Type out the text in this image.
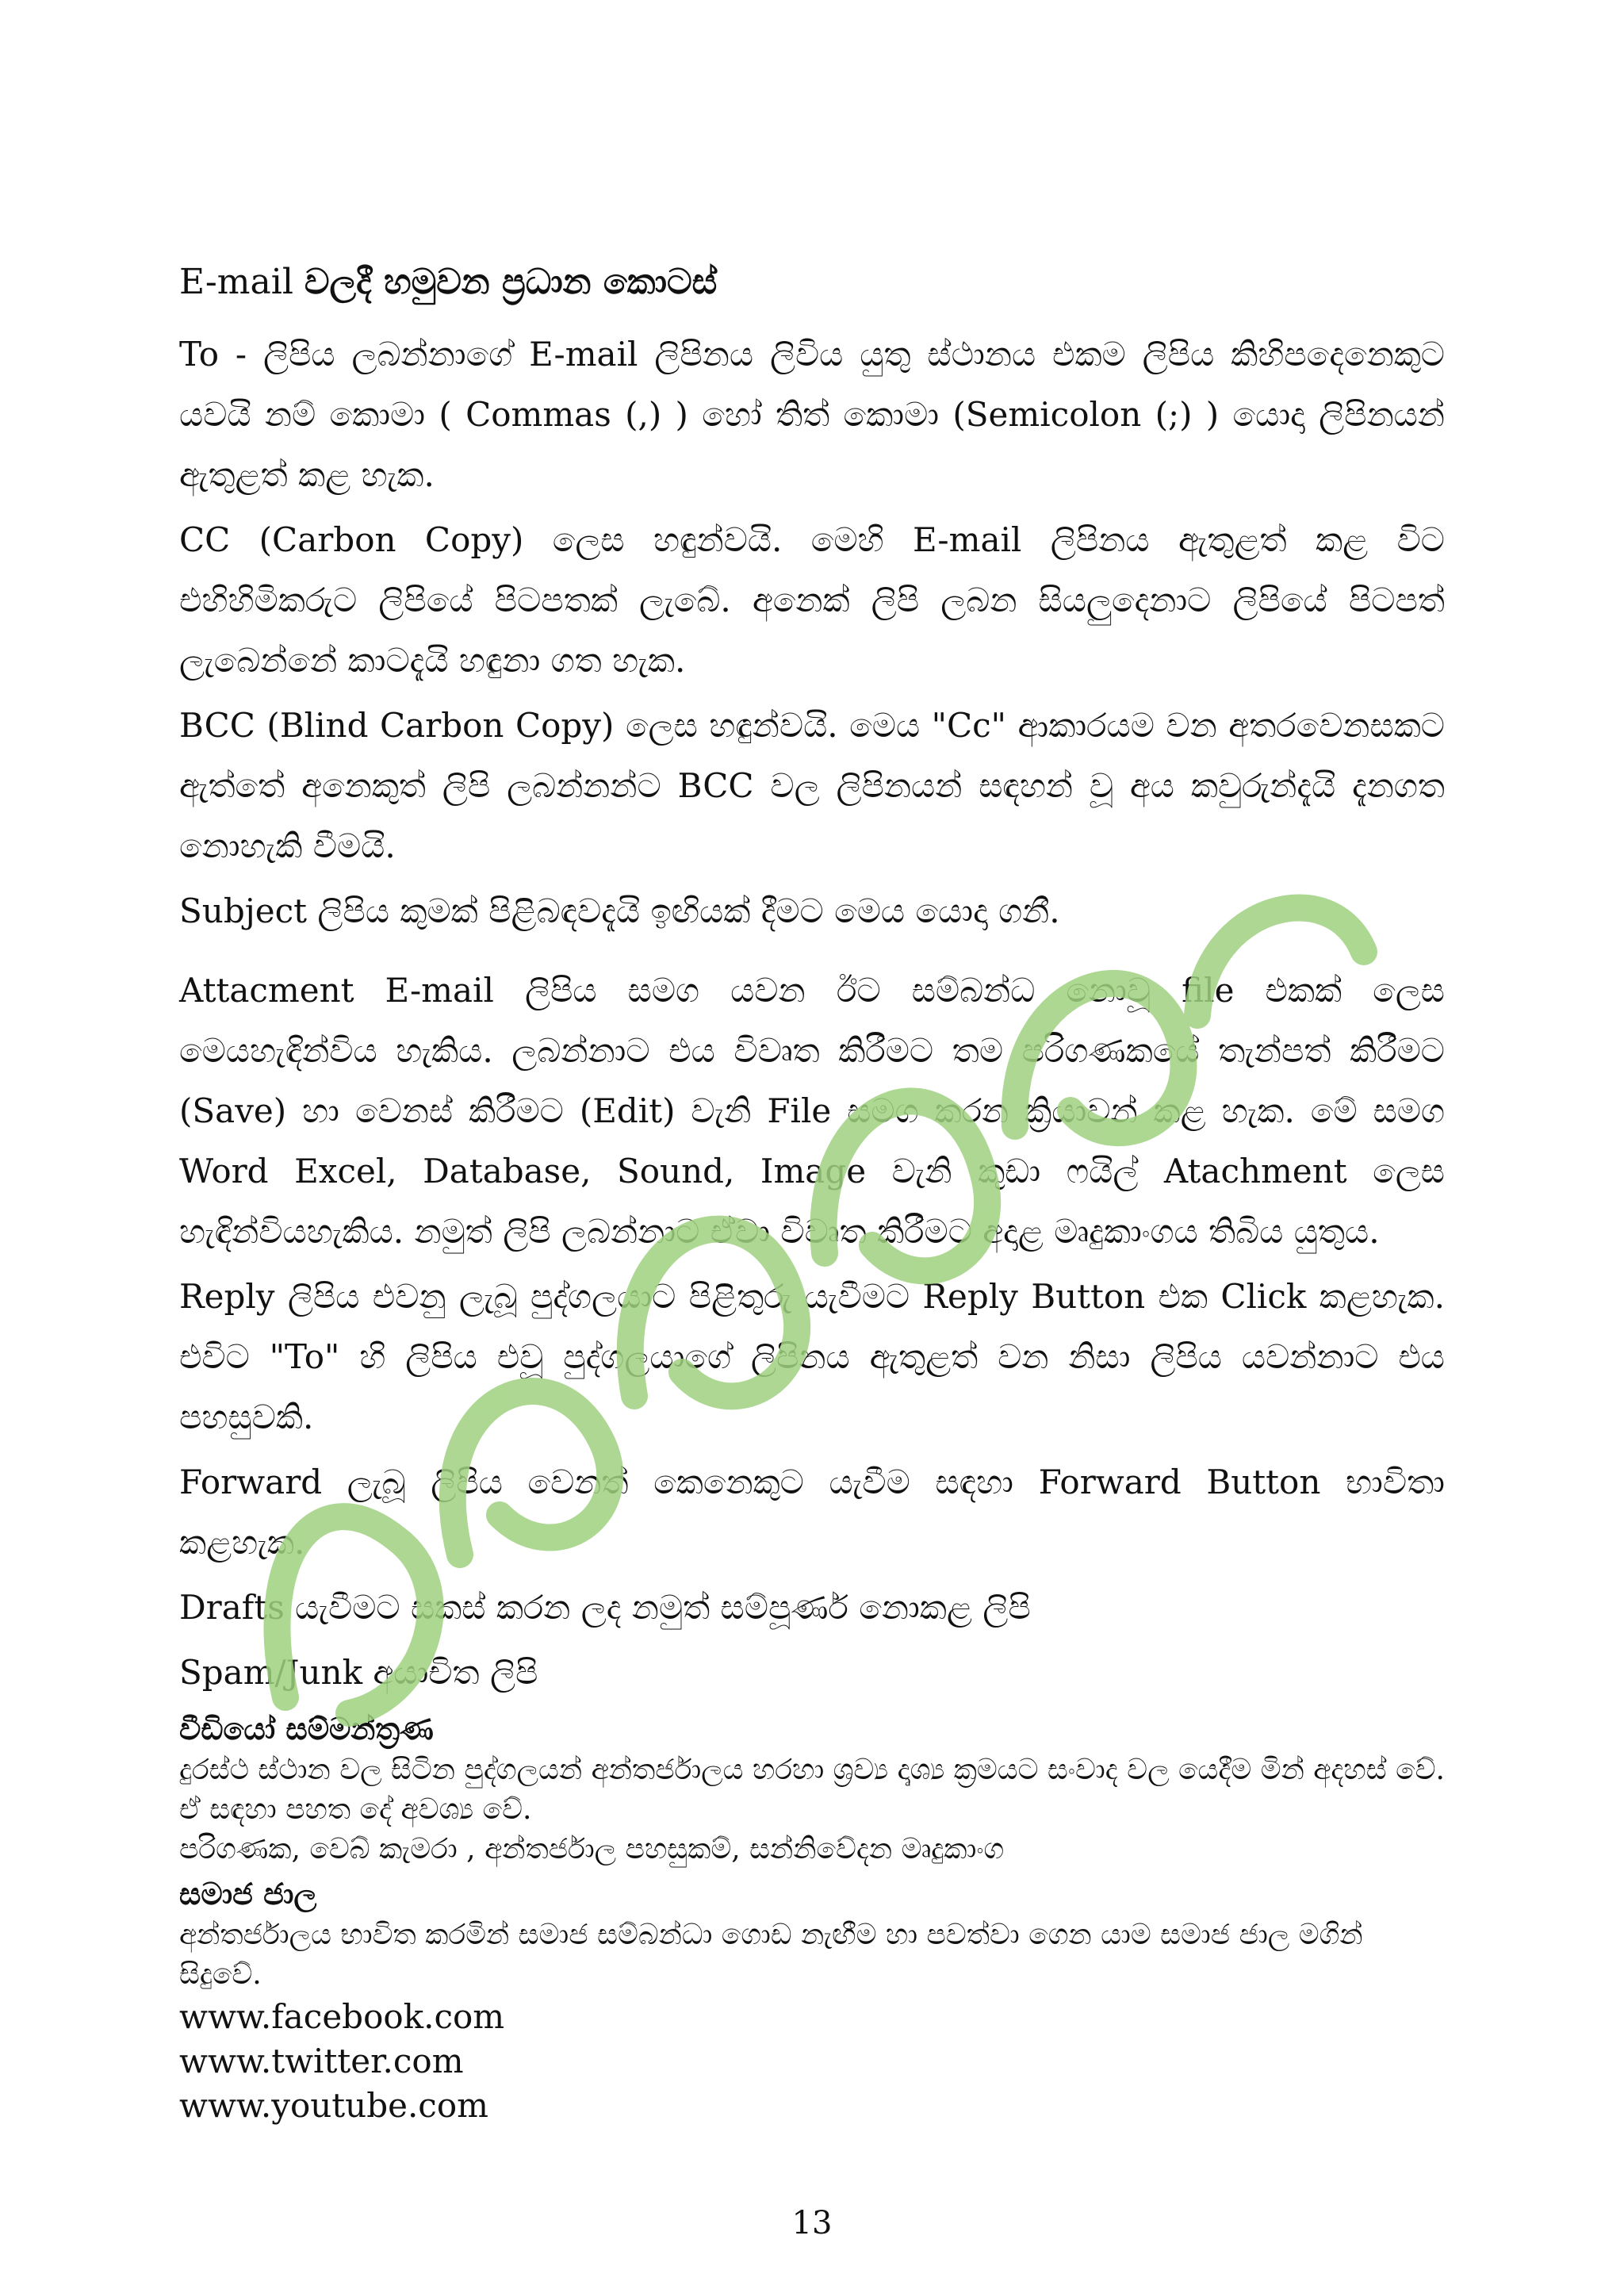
E-mail වලදී හමුවන ප්‍රධාන කොටස්

To - ලිපිය ලබන්නාගේ E-mail ලිපිනය ලිවිය යුතු ස්ථානය එකම ලිපිය කිහිපදෙනෙකුට යවයි නම් කොමා ( Commas (,) ) හෝ තිත් කොමා (Semicolon (;) ) යොදා ලිපිනයන් ඇතුළත් කළ හැක.

CC (Carbon Copy) ලෙස හඳුන්වයි. මෙහි E-mail ලිපිනය ඇතුළත් කළ විට එහිහිමිකරුට ලිපියේ පිටපතක් ලැබේ. අනෙක් ලිපි ලබන සියලුදෙනාට ලිපියේ පිටපත් ලැබෙන්නේ කාටදැයි හඳුනා ගත හැක.

BCC (Blind Carbon Copy) ලෙස හඳුන්වයි. මෙය "Cc" ආකාරයම වන අතරවෙනසකට ඇත්තේ අනෙකුත් ලිපි ලබන්නන්ට BCC වල ලිපිනයන් සඳහන් වූ අය කවුරුන්දැයි දැනගත නොහැකි වීමයි.

Subject ලිපිය කුමක් පිළිබඳවදැයි ඉඟියක් දීමට මෙය යොදා ගනී.

Attacment E-mail ලිපිය සමග යවන ඊට සම්බන්ධ නොවූ file එකක් ලෙස මෙයහැඳින්විය හැකිය. ලබන්නාට එය විවෘත කිරීමට තම පරිගණකයේ තැන්පත් කිරීමට (Save) හා වෙනස් කිරීමට (Edit) වැනි File සමග කරන ක්‍රියාවන් කළ හැක. මේ සමග Word Excel, Database, Sound, Image වැනි කුඩා ෆයිල් Atachment ලෙස හැඳින්වියහැකිය. නමුත් ලිපි ලබන්නාට ඒවා විවෘත කිරීමට අදාළ මෘදුකාංගය තිබිය යුතුය.

Reply ලිපිය එවනු ලැබූ පුද්ගලයාට පිළිතුරු යැවීමට Reply Button එක Click කළහැක. එවිට "To" හි ලිපිය එවූ පුද්ගලයාගේ ලිපිනය ඇතුළත් වන නිසා ලිපිය යවන්නාට එය පහසුවකි.

Forward ලැබූ ලිපිය වෙනත් කෙනෙකුට යැවීම සඳහා Forward Button භාවිතා කළහැක.

Drafts යැවීමට සකස් කරන ලද නමුත් සම්පූර්ණ නොකළ ලිපි

Spam/Junk අයාචිත ලිපි

වීඩියෝ සම්මන්ත්‍රණ
දුරස්ථ ස්ථාන වල සිටින පුද්ගලයන් අන්තර්ජාලය හරහා ශ්‍රව්‍ය දෘශ්‍ය ක්‍රමයට සංවාද වල යෙදීම මින් අදහස් වේ. ඒ සඳහා පහත දේ අවශ්‍ය වේ.
පරිගණක, වෙබ් කැමරා , අන්තර්ජාල පහසුකම්, සන්නිවේදන මෘදුකාංග
සමාජ ජාල
අන්තර්ජාලය භාවිත කරමින් සමාජ සම්බන්ධා ගොඩ නැඟීම හා පවත්වා ගෙන යාම සමාජ ජාල මගින් සිදුවේ.
www.facebook.com
www.twitter.com
www.youtube.com
13
